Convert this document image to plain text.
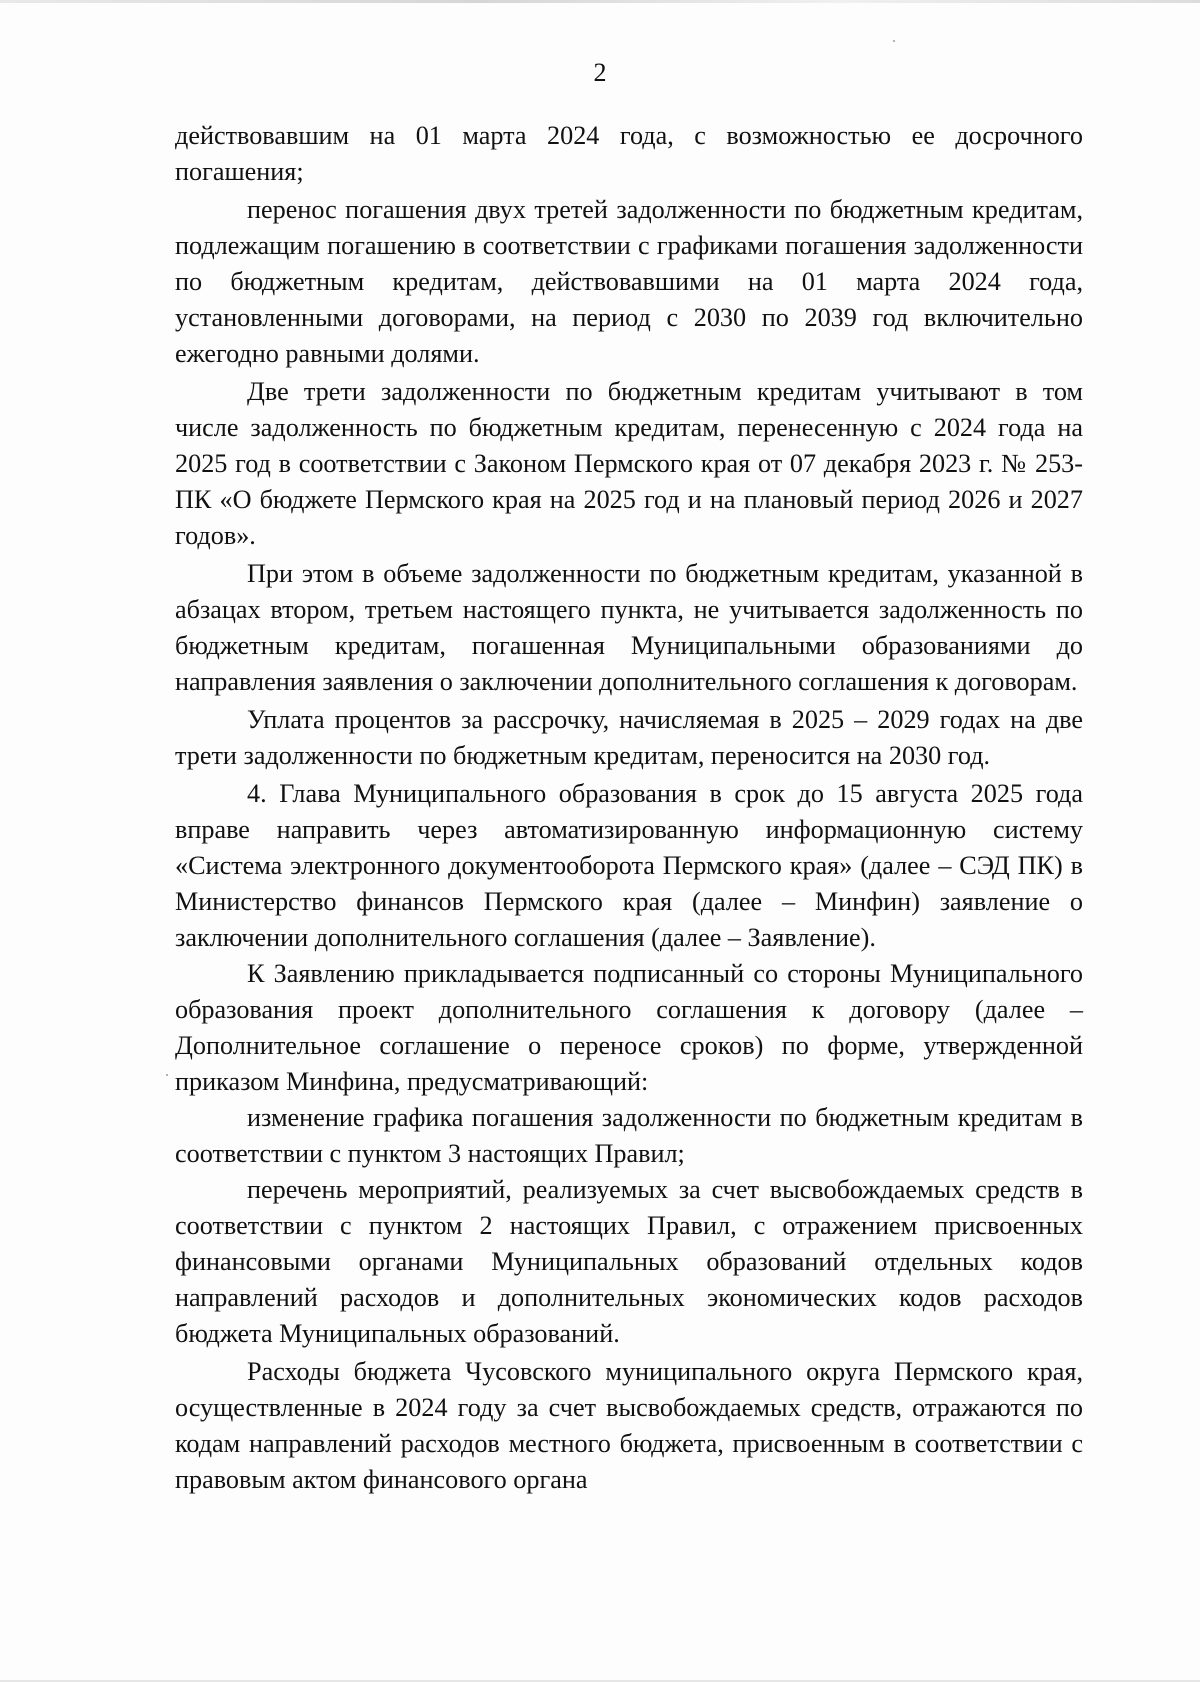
2

действовавшим на 01 марта 2024 года, с возможностью ее досрочного погашения;

перенос погашения двух третей задолженности по бюджетным кредитам, подлежащим погашению в соответствии с графиками погашения задолженности по бюджетным кредитам, действовавшими на 01 марта 2024 года, установленными договорами, на период с 2030 по 2039 год включительно ежегодно равными долями.

Две трети задолженности по бюджетным кредитам учитывают в том числе задолженность по бюджетным кредитам, перенесенную с 2024 года на 2025 год в соответствии с Законом Пермского края от 07 декабря 2023 г. № 253-ПК «О бюджете Пермского края на 2025 год и на плановый период 2026 и 2027 годов».

При этом в объеме задолженности по бюджетным кредитам, указанной в абзацах втором, третьем настоящего пункта, не учитывается задолженность по бюджетным кредитам, погашенная Муниципальными образованиями до направления заявления о заключении дополнительного соглашения к договорам.

Уплата процентов за рассрочку, начисляемая в 2025 – 2029 годах на две трети задолженности по бюджетным кредитам, переносится на 2030 год.

4. Глава Муниципального образования в срок до 15 августа 2025 года вправе направить через автоматизированную информационную систему «Система электронного документооборота Пермского края» (далее – СЭД ПК) в Министерство финансов Пермского края (далее – Минфин) заявление о заключении дополнительного соглашения (далее – Заявление).

К Заявлению прикладывается подписанный со стороны Муниципального образования проект дополнительного соглашения к договору (далее – Дополнительное соглашение о переносе сроков) по форме, утвержденной приказом Минфина, предусматривающий:

изменение графика погашения задолженности по бюджетным кредитам в соответствии с пунктом 3 настоящих Правил;

перечень мероприятий, реализуемых за счет высвобождаемых средств в соответствии с пунктом 2 настоящих Правил, с отражением присвоенных финансовыми органами Муниципальных образований отдельных кодов направлений расходов и дополнительных экономических кодов расходов бюджета Муниципальных образований.

Расходы бюджета Чусовского муниципального округа Пермского края, осуществленные в 2024 году за счет высвобождаемых средств, отражаются по кодам направлений расходов местного бюджета, присвоенным в соответствии с правовым актом финансового органа
